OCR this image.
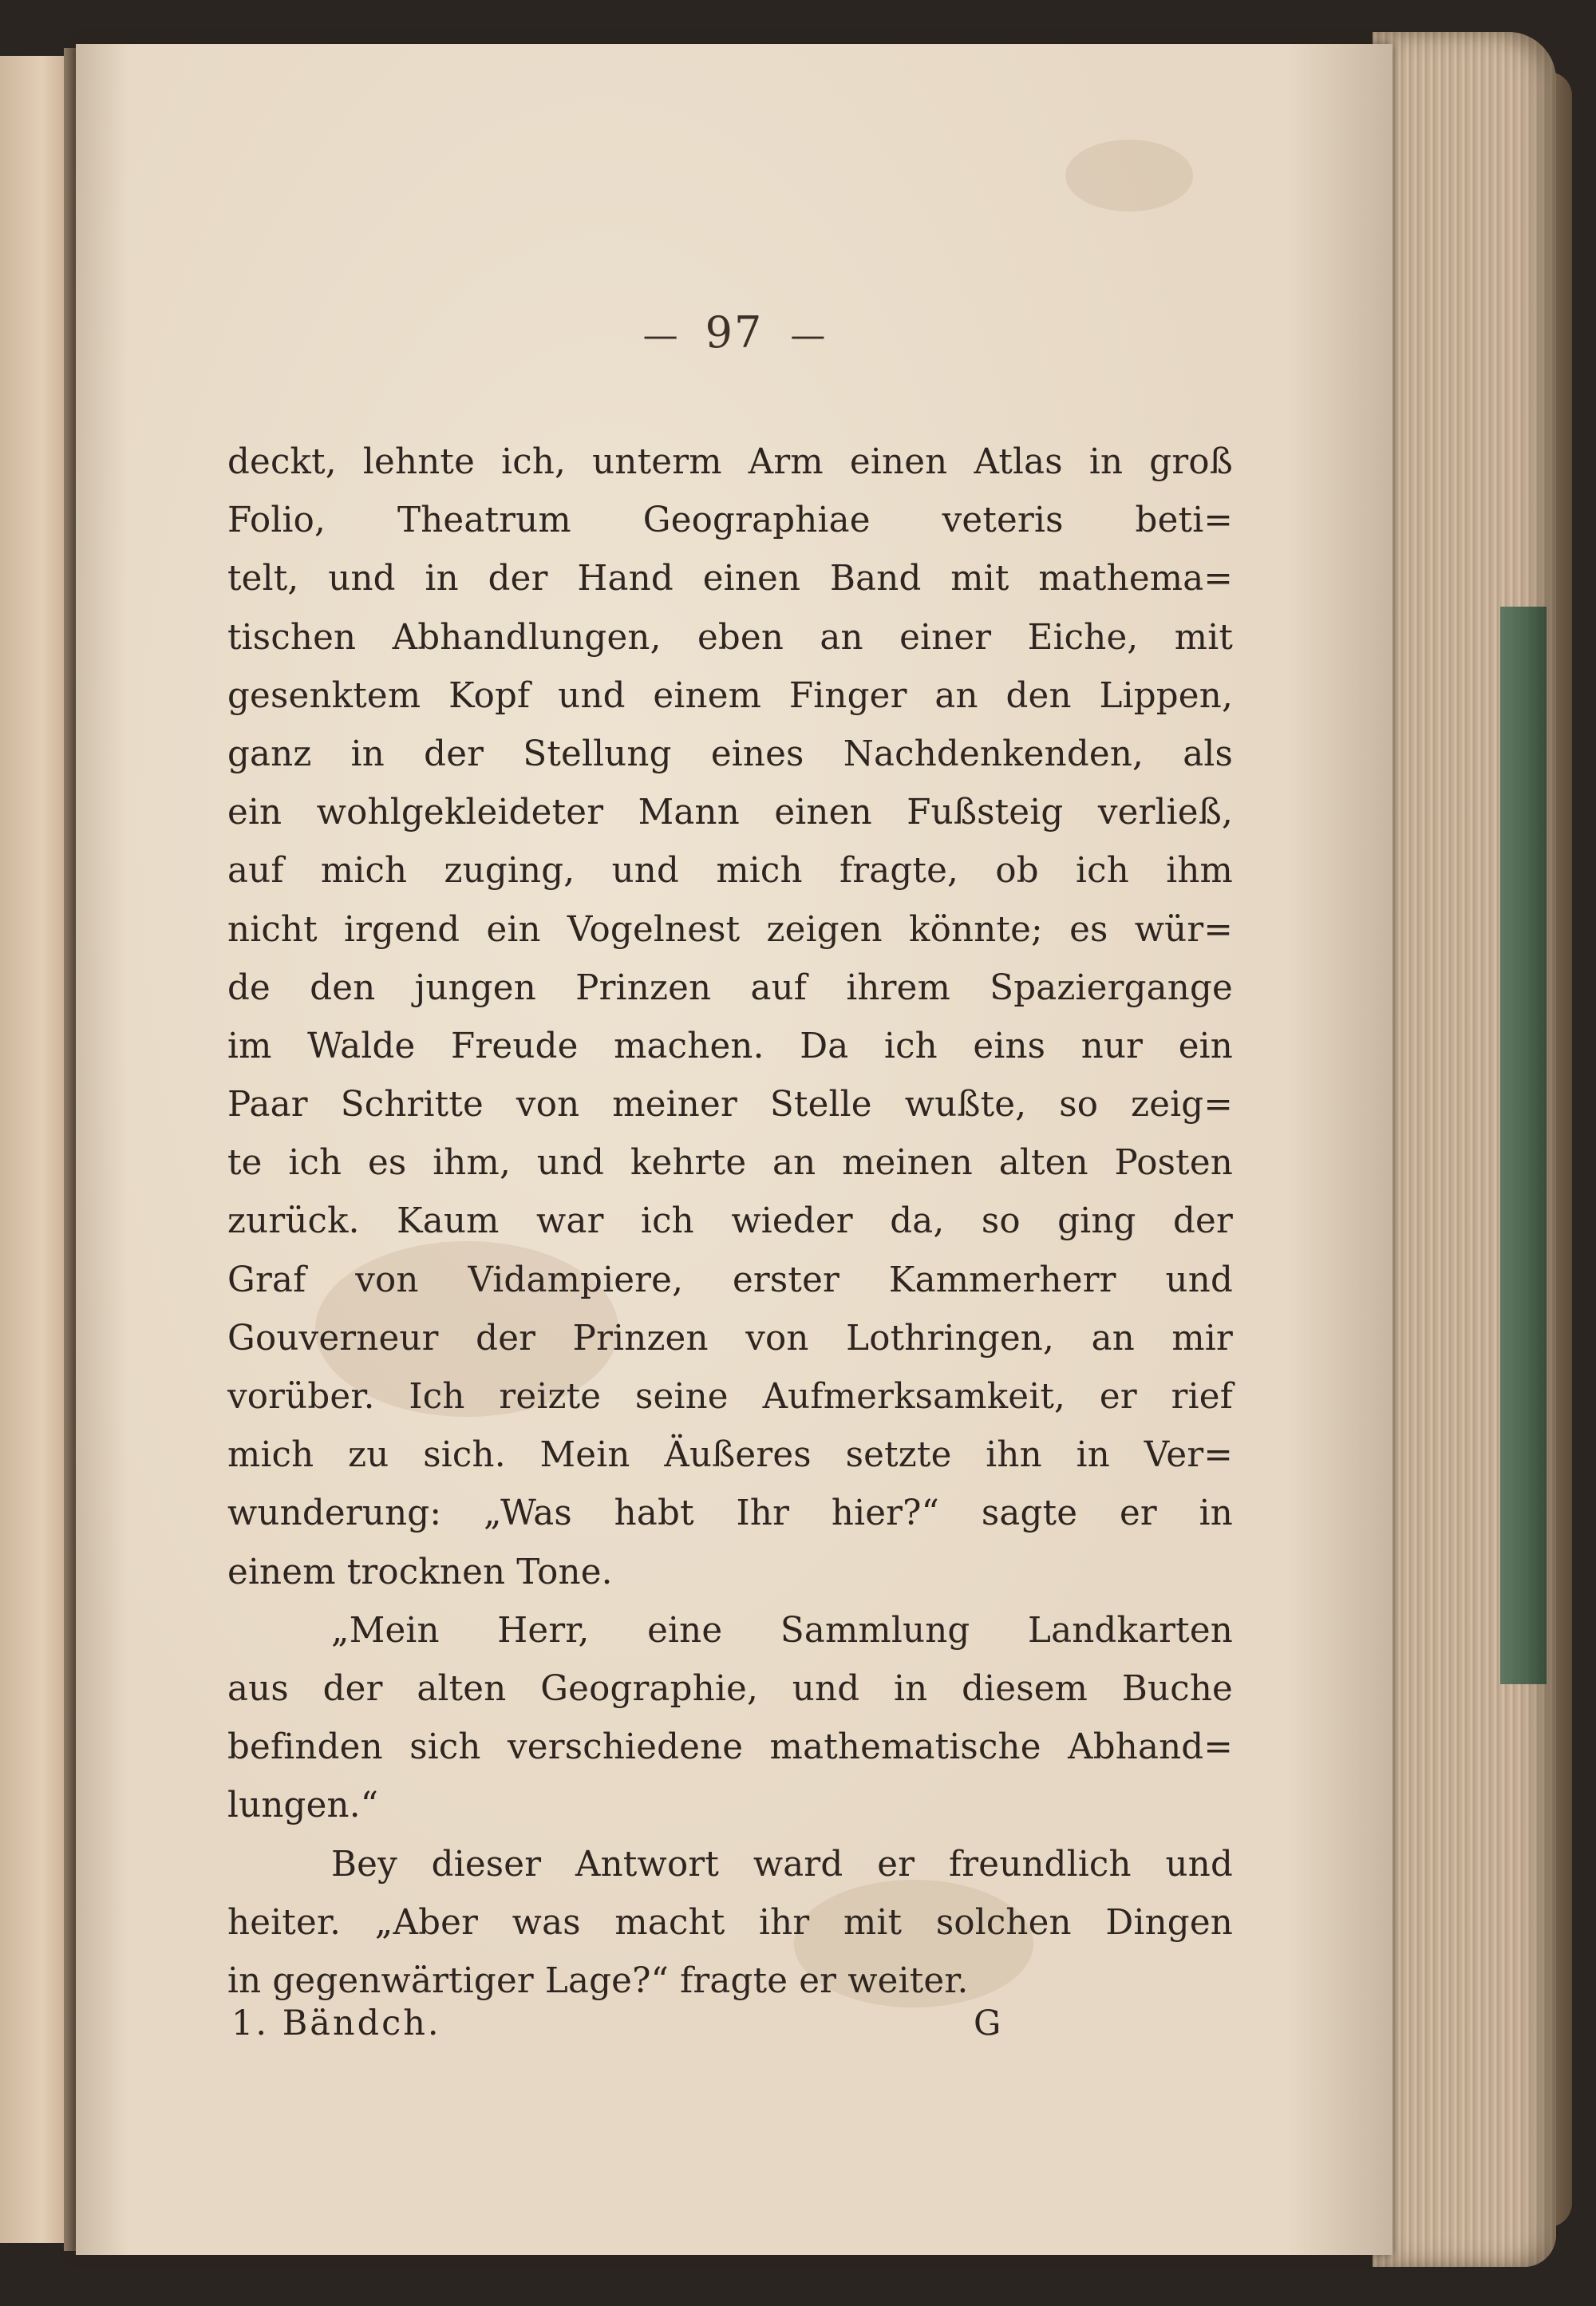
— 97 —
deckt, lehnte ich, unterm Arm einen Atlas in groß
Folio, Theatrum Geographiae veteris beti=
telt, und in der Hand einen Band mit mathema=
tischen Abhandlungen, eben an einer Eiche, mit
gesenktem Kopf und einem Finger an den Lippen,
ganz in der Stellung eines Nachdenkenden, als
ein wohlgekleideter Mann einen Fußsteig verließ,
auf mich zuging, und mich fragte, ob ich ihm
nicht irgend ein Vogelnest zeigen könnte; es wür=
de den jungen Prinzen auf ihrem Spaziergange
im Walde Freude machen. Da ich eins nur ein
Paar Schritte von meiner Stelle wußte, so zeig=
te ich es ihm, und kehrte an meinen alten Posten
zurück. Kaum war ich wieder da, so ging der
Graf von Vidampiere, erster Kammerherr und
Gouverneur der Prinzen von Lothringen, an mir
vorüber. Ich reizte seine Aufmerksamkeit, er rief
mich zu sich. Mein Äußeres setzte ihn in Ver=
wunderung: „Was habt Ihr hier?“ sagte er in
einem trocknen Tone.
„Mein Herr, eine Sammlung Landkarten
aus der alten Geographie, und in diesem Buche
befinden sich verschiedene mathematische Abhand=
lungen.“
Bey dieser Antwort ward er freundlich und
heiter. „Aber was macht ihr mit solchen Dingen
in gegenwärtiger Lage?“ fragte er weiter.
1. Bändch.	G
